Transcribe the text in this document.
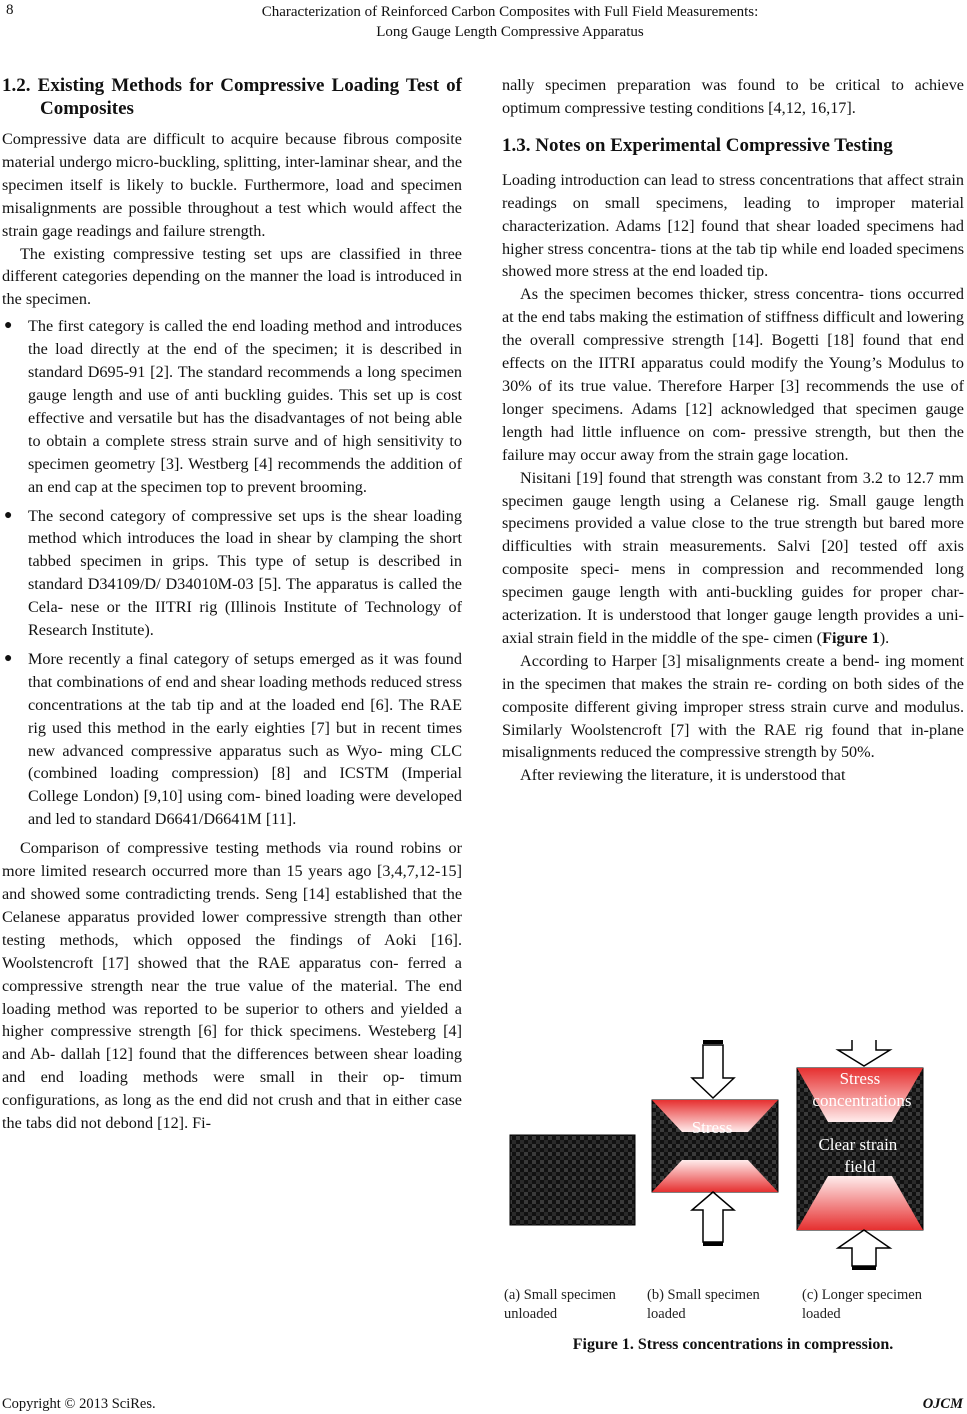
8	Characterization of Reinforced Carbon Composites with Full Field Measurements:
Long Gauge Length Compressive Apparatus
1.2. Existing Methods for Compressive Loading Test of Composites

Compressive data are difficult to acquire because fibrous composite material undergo micro-buckling, splitting, inter-laminar shear, and the specimen itself is likely to buckle. Furthermore, load and specimen misalignments are possible throughout a test which would affect the strain gage readings and failure strength.

The existing compressive testing set ups are classified in three different categories depending on the manner the load is introduced in the specimen.

● The first category is called the end loading method and introduces the load directly at the end of the specimen; it is described in standard D695-91 [2]. The standard recommends a long specimen gauge length and use of anti buckling guides. This set up is cost effective and versatile but has the disadvantages of not being able to obtain a complete stress strain surve and of high sensitivity to specimen geometry [3]. Westberg [4] recommends the addition of an end cap at the specimen top to prevent brooming.
● The second category of compressive set ups is the shear loading method which introduces the load in shear by clamping the short tabbed specimen in grips. This type of setup is described in standard D34109/D/ D34010M-03 [5]. The apparatus is called the Cela- nese or the IITRI rig (Illinois Institute of Technology of Research Institute).
● More recently a final category of setups emerged as it was found that combinations of end and shear loading methods reduced stress concentrations at the tab tip and at the loaded end [6]. The RAE rig used this method in the early eighties [7] but in recent times new advanced compressive apparatus such as Wyo- ming CLC (combined loading compression) [8] and ICSTM (Imperial College London) [9,10] using com- bined loading were developed and led to standard D6641/D6641M [11].

Comparison of compressive testing methods via round robins or more limited research occurred more than 15 years ago [3,4,7,12-15] and showed some contradicting trends. Seng [14] established that the Celanese apparatus provided lower compressive strength than other testing methods, which opposed the findings of Aoki [16]. Woolstencroft [17] showed that the RAE apparatus con- ferred a compressive strength near the true value of the material. The end loading method was reported to be superior to others and yielded a higher compressive strength [6] for thick specimens. Westeberg [4] and Ab- dallah [12] found that the differences between shear loading and end loading methods were small in their op- timum configurations, as long as the end did not crush and that in either case the tabs did not debond [12]. Fi-

nally specimen preparation was found to be critical to achieve optimum compressive testing conditions [4,12, 16,17].

1.3. Notes on Experimental Compressive Testing

Loading introduction can lead to stress concentrations that affect strain readings on small specimens, leading to improper material characterization. Adams [12] found that shear loaded specimens had higher stress concentra- tions at the tab tip while end loaded specimens showed more stress at the end loaded tip.

As the specimen becomes thicker, stress concentra- tions occurred at the end tabs making the estimation of stiffness difficult and lowering the overall compressive strength [14]. Bogetti [18] found that end effects on the IITRI apparatus could modify the Young’s Modulus to 30% of its true value. Therefore Harper [3] recommends the use of longer specimens. Adams [12] acknowledged that specimen gauge length had little influence on com- pressive strength, but then the failure may occur away from the strain gage location.

Nisitani [19] found that strength was constant from 3.2 to 12.7 mm specimen gauge length using a Celanese rig. Small gauge length specimens provided a value close to the true strength but bared more difficulties with strain measurements. Salvi [20] tested off axis composite speci- mens in compression and recommended long specimen gauge length with anti-buckling guides for proper char- acterization. It is understood that longer gauge length provides a uni-axial strain field in the middle of the spe- cimen (Figure 1).

According to Harper [3] misalignments create a bend- ing moment in the specimen that makes the strain re- cording on both sides of the composite different giving improper stress strain curve and modulus. Similarly Woolstencroft [7] with the RAE rig found that in-plane misalignments reduced the compressive strength by 50%.

After reviewing the literature, it is understood that

Stress
Stress concentrations
Clear strain field
(a) Small specimen unloaded
(b) Small specimen loaded
(c) Longer specimen loaded
Figure 1. Stress concentrations in compression.
Copyright © 2013 SciRes.	OJCM
